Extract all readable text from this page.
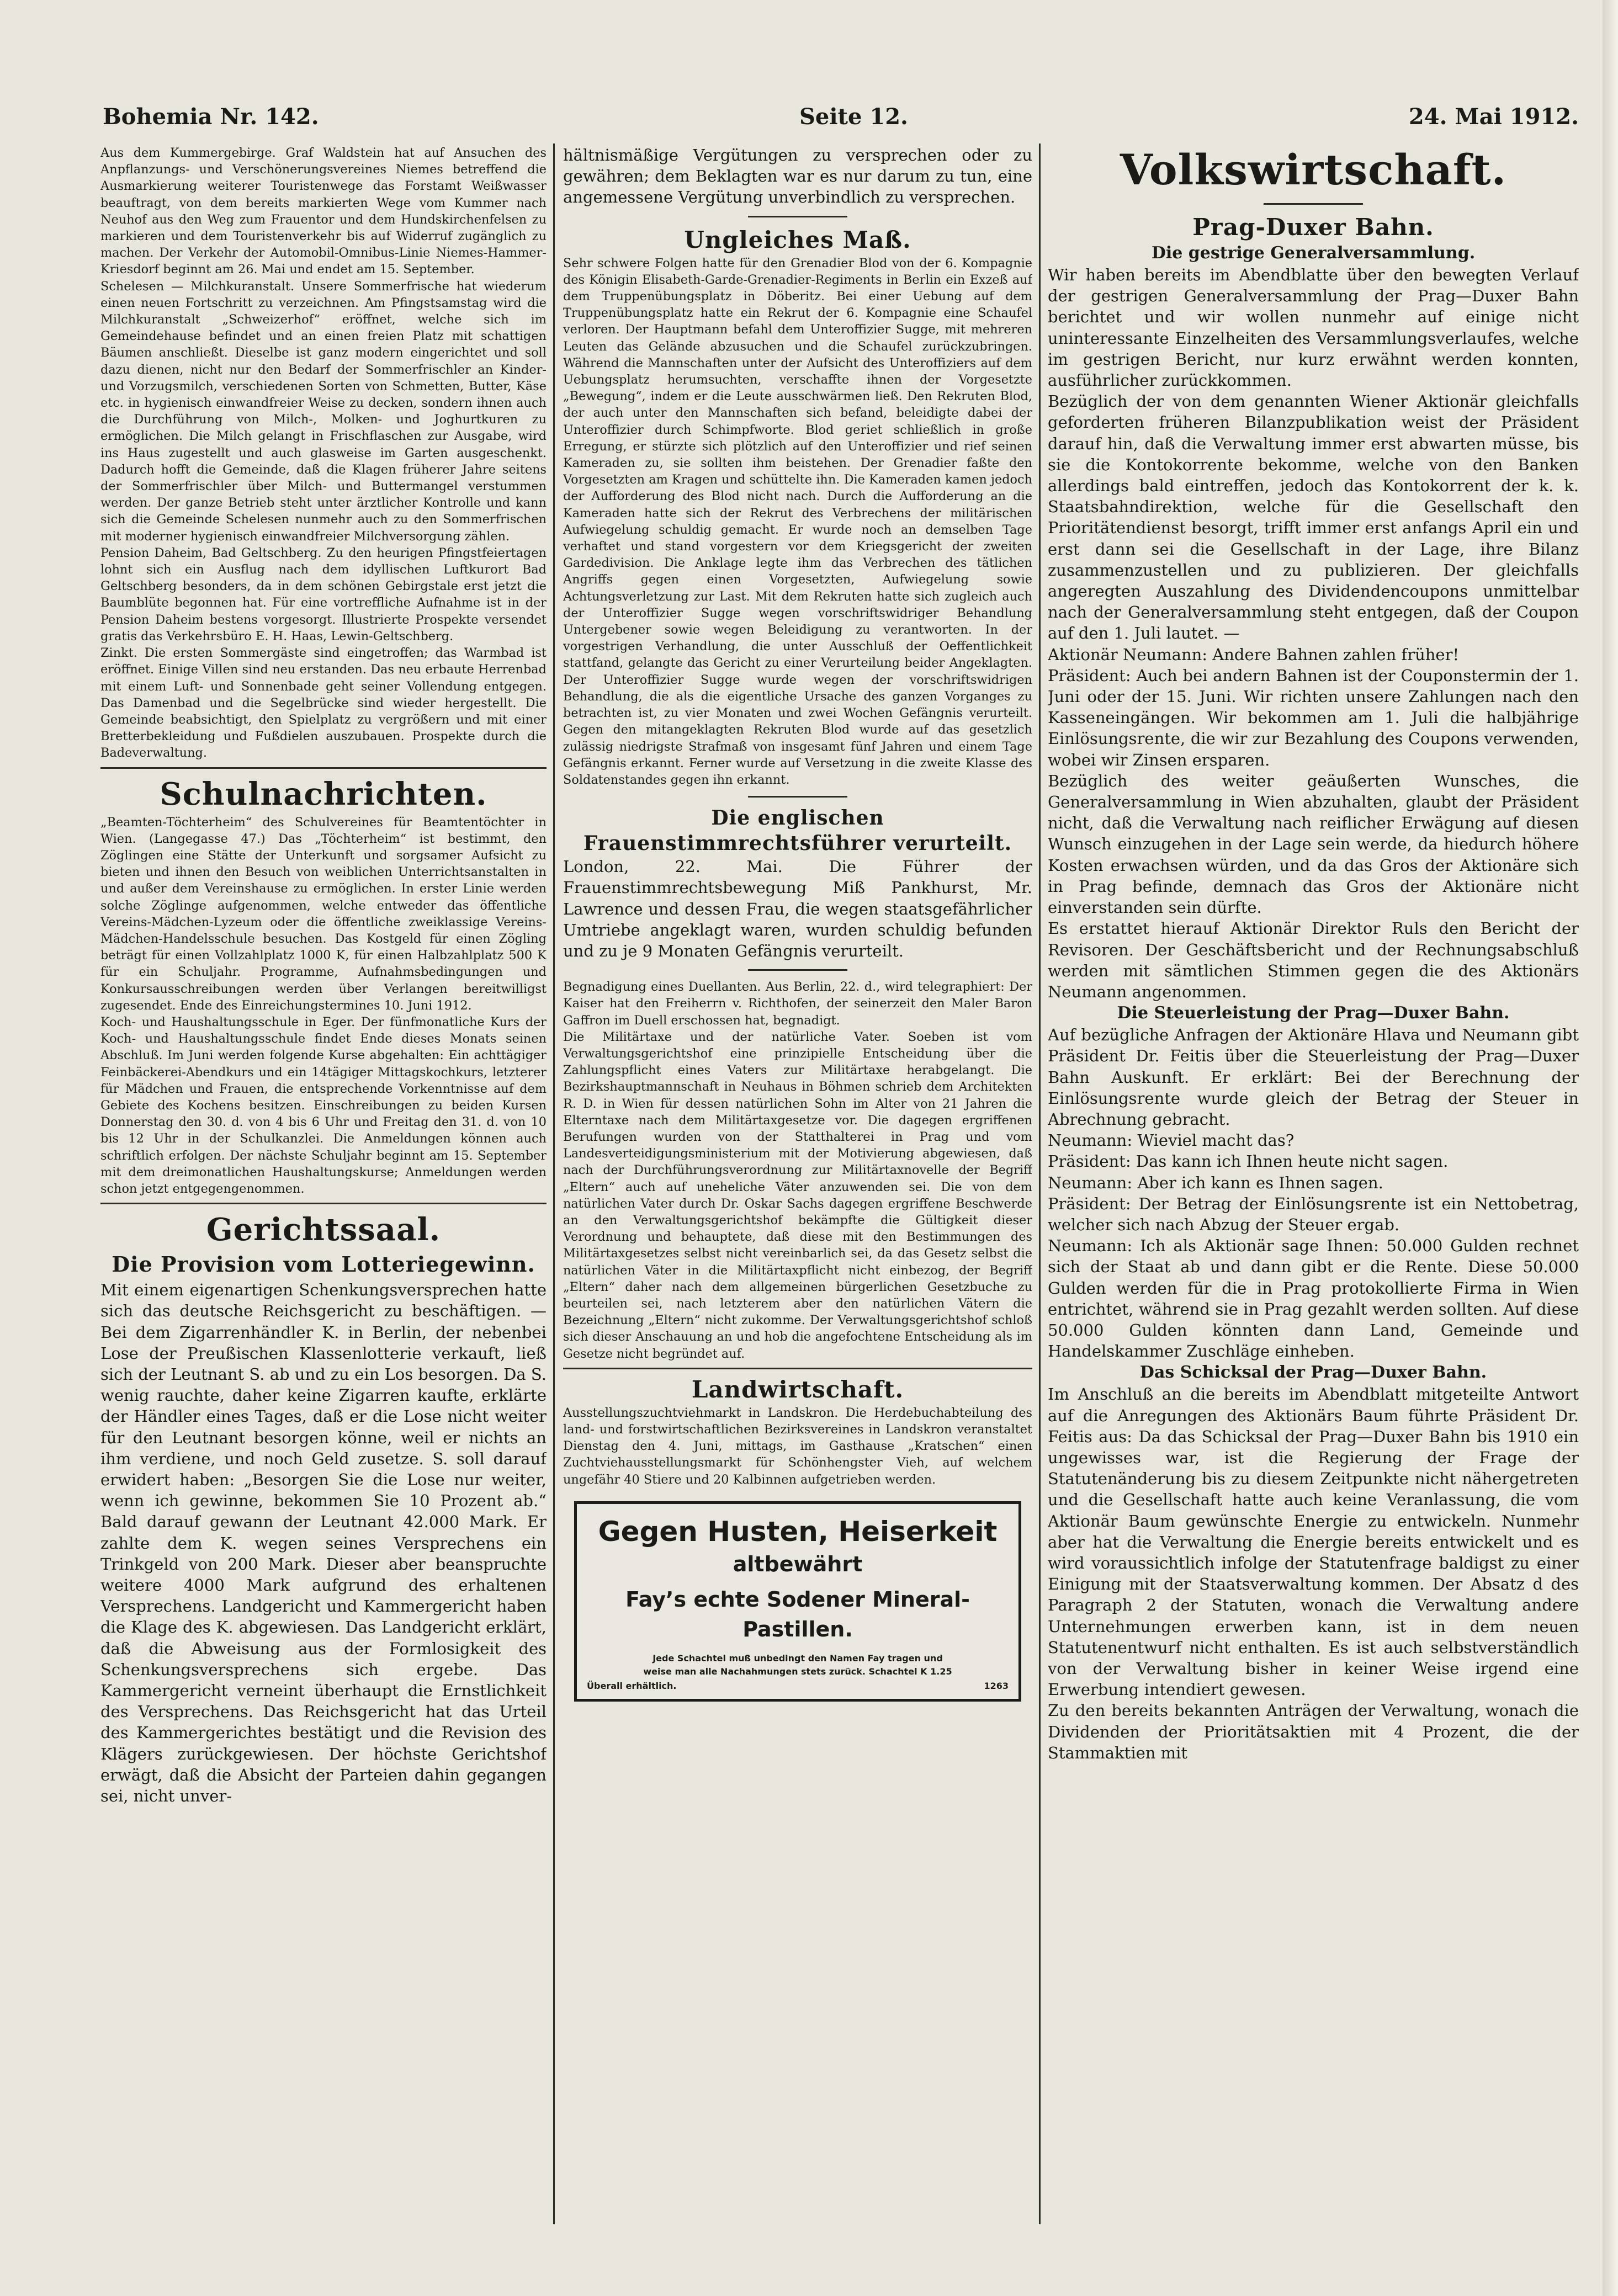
Bohemia Nr. 142.	Seite 12.	24. Mai 1912.

Aus dem Kummergebirge. Graf Waldstein hat auf Ansuchen des Anpflanzungs- und Verschönerungsvereines Niemes betreffend die Ausmarkierung weiterer Touristenwege das Forstamt Weißwasser beauftragt, von dem bereits markierten Wege vom Kummer nach Neuhof aus den Weg zum Frauentor und dem Hundskirchenfelsen zu markieren und dem Touristenverkehr bis auf Widerruf zugänglich zu machen. Der Verkehr der Automobil-Omnibus-Linie Niemes-Hammer-Kriesdorf beginnt am 26. Mai und endet am 15. September.

Schelesen — Milchkuranstalt. Unsere Sommerfrische hat wiederum einen neuen Fortschritt zu verzeichnen. Am Pfingstsamstag wird die Milchkuranstalt „Schweizerhof“ eröffnet, welche sich im Gemeindehause befindet und an einen freien Platz mit schattigen Bäumen anschließt. Dieselbe ist ganz modern eingerichtet und soll dazu dienen, nicht nur den Bedarf der Sommerfrischler an Kinder- und Vorzugsmilch, verschiedenen Sorten von Schmetten, Butter, Käse etc. in hygienisch einwandfreier Weise zu decken, sondern ihnen auch die Durchführung von Milch-, Molken- und Joghurtkuren zu ermöglichen. Die Milch gelangt in Frischflaschen zur Ausgabe, wird ins Haus zugestellt und auch glasweise im Garten ausgeschenkt. Dadurch hofft die Gemeinde, daß die Klagen früherer Jahre seitens der Sommerfrischler über Milch- und Buttermangel verstummen werden. Der ganze Betrieb steht unter ärztlicher Kontrolle und kann sich die Gemeinde Schelesen nunmehr auch zu den Sommerfrischen mit moderner hygienisch einwandfreier Milchversorgung zählen.

Pension Daheim, Bad Geltschberg. Zu den heurigen Pfingstfeiertagen lohnt sich ein Ausflug nach dem idyllischen Luftkurort Bad Geltschberg besonders, da in dem schönen Gebirgstale erst jetzt die Baumblüte begonnen hat. Für eine vortreffliche Aufnahme ist in der Pension Daheim bestens vorgesorgt. Illustrierte Prospekte versendet gratis das Verkehrsbüro E. H. Haas, Lewin-Geltschberg.

Zinkt. Die ersten Sommergäste sind eingetroffen; das Warmbad ist eröffnet. Einige Villen sind neu erstanden. Das neu erbaute Herrenbad mit einem Luft- und Sonnenbade geht seiner Vollendung entgegen. Das Damenbad und die Segelbrücke sind wieder hergestellt. Die Gemeinde beabsichtigt, den Spielplatz zu vergrößern und mit einer Bretterbekleidung und Fußdielen auszubauen. Prospekte durch die Badeverwaltung.

Schulnachrichten.

„Beamten-Töchterheim“ des Schulvereines für Beamtentöchter in Wien. (Langegasse 47.) Das „Töchterheim“ ist bestimmt, den Zöglingen eine Stätte der Unterkunft und sorgsamer Aufsicht zu bieten und ihnen den Besuch von weiblichen Unterrichtsanstalten in und außer dem Vereinshause zu ermöglichen. In erster Linie werden solche Zöglinge aufgenommen, welche entweder das öffentliche Vereins-Mädchen-Lyzeum oder die öffentliche zweiklassige Vereins-Mädchen-Handelsschule besuchen. Das Kostgeld für einen Zögling beträgt für einen Vollzahlplatz 1000 K, für einen Halbzahlplatz 500 K für ein Schuljahr. Programme, Aufnahmsbedingungen und Konkursausschreibungen werden über Verlangen bereitwilligst zugesendet. Ende des Einreichungstermines 10. Juni 1912.

Koch- und Haushaltungsschule in Eger. Der fünfmonatliche Kurs der Koch- und Haushaltungsschule findet Ende dieses Monats seinen Abschluß. Im Juni werden folgende Kurse abgehalten: Ein achttägiger Feinbäckerei-Abendkurs und ein 14tägiger Mittagskochkurs, letzterer für Mädchen und Frauen, die entsprechende Vorkenntnisse auf dem Gebiete des Kochens besitzen. Einschreibungen zu beiden Kursen Donnerstag den 30. d. von 4 bis 6 Uhr und Freitag den 31. d. von 10 bis 12 Uhr in der Schulkanzlei. Die Anmeldungen können auch schriftlich erfolgen. Der nächste Schuljahr beginnt am 15. September mit dem dreimonatlichen Haushaltungskurse; Anmeldungen werden schon jetzt entgegengenommen.

Gerichtssaal.
Die Provision vom Lotteriegewinn.

Mit einem eigenartigen Schenkungsversprechen hatte sich das deutsche Reichsgericht zu beschäftigen. — Bei dem Zigarrenhändler K. in Berlin, der nebenbei Lose der Preußischen Klassenlotterie verkauft, ließ sich der Leutnant S. ab und zu ein Los besorgen. Da S. wenig rauchte, daher keine Zigarren kaufte, erklärte der Händler eines Tages, daß er die Lose nicht weiter für den Leutnant besorgen könne, weil er nichts an ihm verdiene, und noch Geld zusetze. S. soll darauf erwidert haben: „Besorgen Sie die Lose nur weiter, wenn ich gewinne, bekommen Sie 10 Prozent ab.“ Bald darauf gewann der Leutnant 42.000 Mark. Er zahlte dem K. wegen seines Versprechens ein Trinkgeld von 200 Mark. Dieser aber beanspruchte weitere 4000 Mark aufgrund des erhaltenen Versprechens. Landgericht und Kammergericht haben die Klage des K. abgewiesen. Das Landgericht erklärt, daß die Abweisung aus der Formlosigkeit des Schenkungsversprechens sich ergebe. Das Kammergericht verneint überhaupt die Ernstlichkeit des Versprechens. Das Reichsgericht hat das Urteil des Kammergerichtes bestätigt und die Revision des Klägers zurückgewiesen. Der höchste Gerichtshof erwägt, daß die Absicht der Parteien dahin gegangen sei, nicht unver-

hältnismäßige Vergütungen zu versprechen oder zu gewähren; dem Beklagten war es nur darum zu tun, eine angemessene Vergütung unverbindlich zu versprechen.

Ungleiches Maß.

Sehr schwere Folgen hatte für den Grenadier Blod von der 6. Kompagnie des Königin Elisabeth-Garde-Grenadier-Regiments in Berlin ein Exzeß auf dem Truppenübungsplatz in Döberitz. Bei einer Uebung auf dem Truppenübungsplatz hatte ein Rekrut der 6. Kompagnie eine Schaufel verloren. Der Hauptmann befahl dem Unteroffizier Sugge, mit mehreren Leuten das Gelände abzusuchen und die Schaufel zurückzubringen. Während die Mannschaften unter der Aufsicht des Unteroffiziers auf dem Uebungsplatz herumsuchten, verschaffte ihnen der Vorgesetzte „Bewegung“, indem er die Leute ausschwärmen ließ. Den Rekruten Blod, der auch unter den Mannschaften sich befand, beleidigte dabei der Unteroffizier durch Schimpfworte. Blod geriet schließlich in große Erregung, er stürzte sich plötzlich auf den Unteroffizier und rief seinen Kameraden zu, sie sollten ihm beistehen. Der Grenadier faßte den Vorgesetzten am Kragen und schüttelte ihn. Die Kameraden kamen jedoch der Aufforderung des Blod nicht nach. Durch die Aufforderung an die Kameraden hatte sich der Rekrut des Verbrechens der militärischen Aufwiegelung schuldig gemacht. Er wurde noch an demselben Tage verhaftet und stand vorgestern vor dem Kriegsgericht der zweiten Gardedivision. Die Anklage legte ihm das Verbrechen des tätlichen Angriffs gegen einen Vorgesetzten, Aufwiegelung sowie Achtungsverletzung zur Last. Mit dem Rekruten hatte sich zugleich auch der Unteroffizier Sugge wegen vorschriftswidriger Behandlung Untergebener sowie wegen Beleidigung zu verantworten. In der vorgestrigen Verhandlung, die unter Ausschluß der Oeffentlichkeit stattfand, gelangte das Gericht zu einer Verurteilung beider Angeklagten. Der Unteroffizier Sugge wurde wegen der vorschriftswidrigen Behandlung, die als die eigentliche Ursache des ganzen Vorganges zu betrachten ist, zu vier Monaten und zwei Wochen Gefängnis verurteilt. Gegen den mitangeklagten Rekruten Blod wurde auf das gesetzlich zulässig niedrigste Strafmaß von insgesamt fünf Jahren und einem Tage Gefängnis erkannt. Ferner wurde auf Versetzung in die zweite Klasse des Soldatenstandes gegen ihn erkannt.

Die englischen Frauenstimmrechtsführer verurteilt.

London, 22. Mai. Die Führer der Frauenstimmrechtsbewegung Miß Pankhurst, Mr. Lawrence und dessen Frau, die wegen staatsgefährlicher Umtriebe angeklagt waren, wurden schuldig befunden und zu je 9 Monaten Gefängnis verurteilt.

Begnadigung eines Duellanten. Aus Berlin, 22. d., wird telegraphiert: Der Kaiser hat den Freiherrn v. Richthofen, der seinerzeit den Maler Baron Gaffron im Duell erschossen hat, begnadigt.

Die Militärtaxe und der natürliche Vater. Soeben ist vom Verwaltungsgerichtshof eine prinzipielle Entscheidung über die Zahlungspflicht eines Vaters zur Militärtaxe herabgelangt. Die Bezirkshauptmannschaft in Neuhaus in Böhmen schrieb dem Architekten R. D. in Wien für dessen natürlichen Sohn im Alter von 21 Jahren die Elterntaxe nach dem Militärtaxgesetze vor. Die dagegen ergriffenen Berufungen wurden von der Statthalterei in Prag und vom Landesverteidigungsministerium mit der Motivierung abgewiesen, daß nach der Durchführungsverordnung zur Militärtaxnovelle der Begriff „Eltern“ auch auf uneheliche Väter anzuwenden sei. Die von dem natürlichen Vater durch Dr. Oskar Sachs dagegen ergriffene Beschwerde an den Verwaltungsgerichtshof bekämpfte die Gültigkeit dieser Verordnung und behauptete, daß diese mit den Bestimmungen des Militärtaxgesetzes selbst nicht vereinbarlich sei, da das Gesetz selbst die natürlichen Väter in die Militärtaxpflicht nicht einbezog, der Begriff „Eltern“ daher nach dem allgemeinen bürgerlichen Gesetzbuche zu beurteilen sei, nach letzterem aber den natürlichen Vätern die Bezeichnung „Eltern“ nicht zukomme. Der Verwaltungsgerichtshof schloß sich dieser Anschauung an und hob die angefochtene Entscheidung als im Gesetze nicht begründet auf.

Landwirtschaft.

Ausstellungszuchtviehmarkt in Landskron. Die Herdebuchabteilung des land- und forstwirtschaftlichen Bezirksvereines in Landskron veranstaltet Dienstag den 4. Juni, mittags, im Gasthause „Kratschen“ einen Zuchtviehausstellungsmarkt für Schönhengster Vieh, auf welchem ungefähr 40 Stiere und 20 Kalbinnen aufgetrieben werden.

Gegen Husten, Heiserkeit
altbewährt
Fay’s echte Sodener Mineral-Pastillen.
Jede Schachtel muß unbedingt den Namen Fay tragen und
weise man alle Nachahmungen stets zurück. Schachtel K 1.25
Überall erhältlich.	1263
Volkswirtschaft.
Prag-Duxer Bahn.
Die gestrige Generalversammlung.

Wir haben bereits im Abendblatte über den bewegten Verlauf der gestrigen Generalversammlung der Prag—Duxer Bahn berichtet und wir wollen nunmehr auf einige nicht uninteressante Einzelheiten des Versammlungsverlaufes, welche im gestrigen Bericht, nur kurz erwähnt werden konnten, ausführlicher zurückkommen.

Bezüglich der von dem genannten Wiener Aktionär gleichfalls geforderten früheren Bilanzpublikation weist der Präsident darauf hin, daß die Verwaltung immer erst abwarten müsse, bis sie die Kontokorrente bekomme, welche von den Banken allerdings bald eintreffen, jedoch das Kontokorrent der k. k. Staatsbahndirektion, welche für die Gesellschaft den Prioritätendienst besorgt, trifft immer erst anfangs April ein und erst dann sei die Gesellschaft in der Lage, ihre Bilanz zusammenzustellen und zu publizieren. Der gleichfalls angeregten Auszahlung des Dividendencoupons unmittelbar nach der Generalversammlung steht entgegen, daß der Coupon auf den 1. Juli lautet. —

Aktionär Neumann: Andere Bahnen zahlen früher!

Präsident: Auch bei andern Bahnen ist der Couponstermin der 1. Juni oder der 15. Juni. Wir richten unsere Zahlungen nach den Kasseneingängen. Wir bekommen am 1. Juli die halbjährige Einlösungsrente, die wir zur Bezahlung des Coupons verwenden, wobei wir Zinsen ersparen.

Bezüglich des weiter geäußerten Wunsches, die Generalversammlung in Wien abzuhalten, glaubt der Präsident nicht, daß die Verwaltung nach reiflicher Erwägung auf diesen Wunsch einzugehen in der Lage sein werde, da hiedurch höhere Kosten erwachsen würden, und da das Gros der Aktionäre sich in Prag befinde, demnach das Gros der Aktionäre nicht einverstanden sein dürfte.

Es erstattet hierauf Aktionär Direktor Ruls den Bericht der Revisoren. Der Geschäftsbericht und der Rechnungsabschluß werden mit sämtlichen Stimmen gegen die des Aktionärs Neumann angenommen.

Die Steuerleistung der Prag—Duxer Bahn.

Auf bezügliche Anfragen der Aktionäre Hlava und Neumann gibt Präsident Dr. Feitis über die Steuerleistung der Prag—Duxer Bahn Auskunft. Er erklärt: Bei der Berechnung der Einlösungsrente wurde gleich der Betrag der Steuer in Abrechnung gebracht.

Neumann: Wieviel macht das?

Präsident: Das kann ich Ihnen heute nicht sagen.

Neumann: Aber ich kann es Ihnen sagen.

Präsident: Der Betrag der Einlösungsrente ist ein Nettobetrag, welcher sich nach Abzug der Steuer ergab.

Neumann: Ich als Aktionär sage Ihnen: 50.000 Gulden rechnet sich der Staat ab und dann gibt er die Rente. Diese 50.000 Gulden werden für die in Prag protokollierte Firma in Wien entrichtet, während sie in Prag gezahlt werden sollten. Auf diese 50.000 Gulden könnten dann Land, Gemeinde und Handelskammer Zuschläge einheben.

Das Schicksal der Prag—Duxer Bahn.

Im Anschluß an die bereits im Abendblatt mitgeteilte Antwort auf die Anregungen des Aktionärs Baum führte Präsident Dr. Feitis aus: Da das Schicksal der Prag—Duxer Bahn bis 1910 ein ungewisses war, ist die Regierung der Frage der Statutenänderung bis zu diesem Zeitpunkte nicht nähergetreten und die Gesellschaft hatte auch keine Veranlassung, die vom Aktionär Baum gewünschte Energie zu entwickeln. Nunmehr aber hat die Verwaltung die Energie bereits entwickelt und es wird voraussichtlich infolge der Statutenfrage baldigst zu einer Einigung mit der Staatsverwaltung kommen. Der Absatz d des Paragraph 2 der Statuten, wonach die Verwaltung andere Unternehmungen erwerben kann, ist in dem neuen Statutenentwurf nicht enthalten. Es ist auch selbstverständlich von der Verwaltung bisher in keiner Weise irgend eine Erwerbung intendiert gewesen.

Zu den bereits bekannten Anträgen der Verwaltung, wonach die Dividenden der Prioritätsaktien mit 4 Prozent, die der Stammaktien mit
